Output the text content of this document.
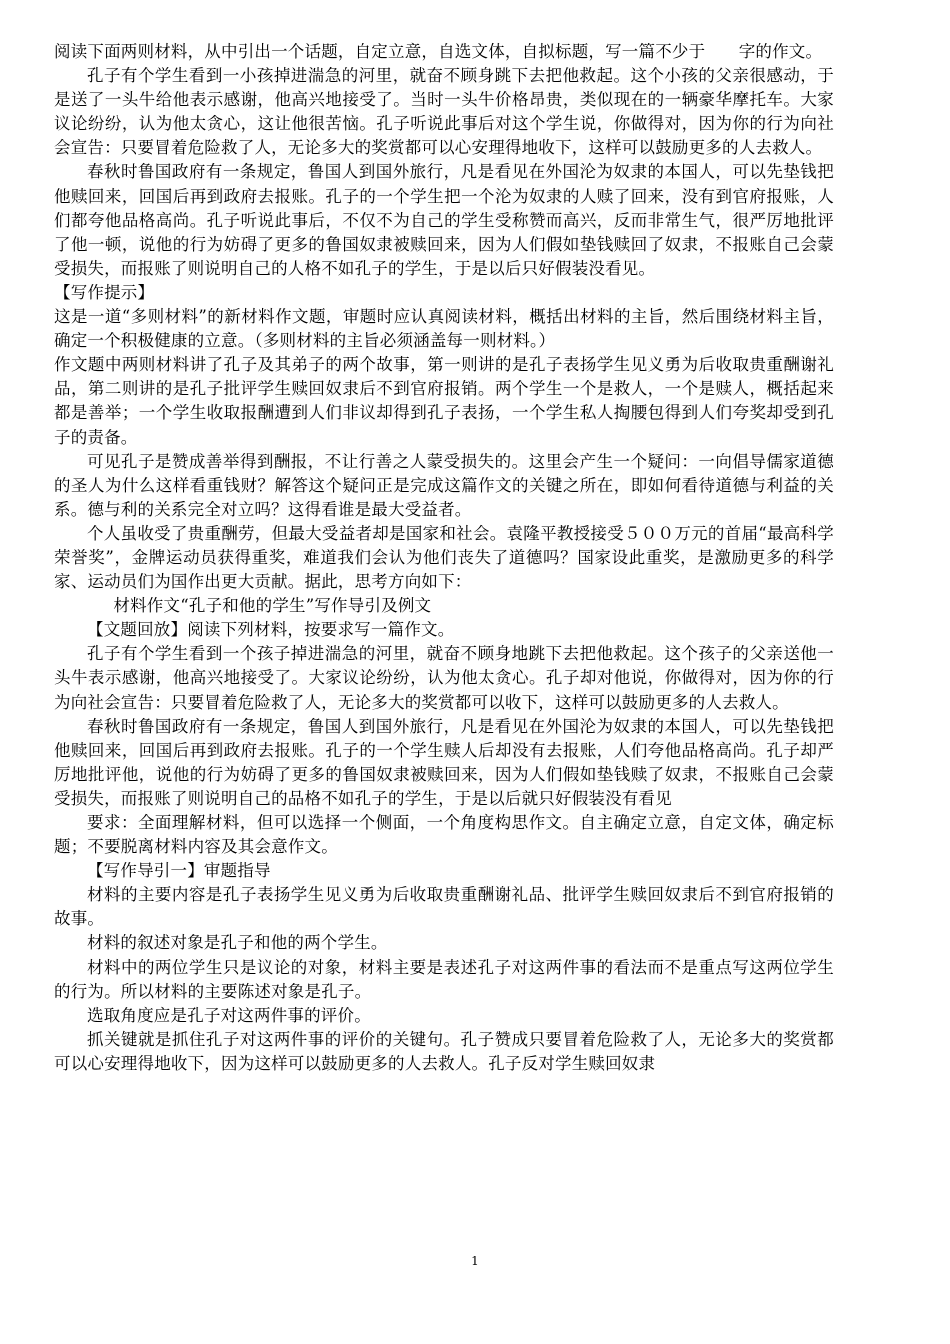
阅读下面两则材料，从中引出一个话题，自定立意，自选文体，自拟标题，写一篇不少于　　字的作文。

孔子有个学生看到一小孩掉进湍急的河里，就奋不顾身跳下去把他救起。这个小孩的父亲很感动，于是送了一头牛给他表示感谢，他高兴地接受了。当时一头牛价格昂贵，类似现在的一辆豪华摩托车。大家议论纷纷，认为他太贪心，这让他很苦恼。孔子听说此事后对这个学生说，你做得对，因为你的行为向社会宣告：只要冒着危险救了人，无论多大的奖赏都可以心安理得地收下，这样可以鼓励更多的人去救人。

春秋时鲁国政府有一条规定，鲁国人到国外旅行，凡是看见在外国沦为奴隶的本国人，可以先垫钱把他赎回来，回国后再到政府去报账。孔子的一个学生把一个沦为奴隶的人赎了回来，没有到官府报账，人们都夸他品格高尚。孔子听说此事后，不仅不为自己的学生受称赞而高兴，反而非常生气，很严厉地批评了他一顿，说他的行为妨碍了更多的鲁国奴隶被赎回来，因为人们假如垫钱赎回了奴隶，不报账自己会蒙受损失，而报账了则说明自己的人格不如孔子的学生，于是以后只好假装没看见。

【写作提示】

这是一道“多则材料”的新材料作文题，审题时应认真阅读材料，概括出材料的主旨，然后围绕材料主旨，确定一个积极健康的立意。（多则材料的主旨必须涵盖每一则材料。）

作文题中两则材料讲了孔子及其弟子的两个故事，第一则讲的是孔子表扬学生见义勇为后收取贵重酬谢礼品，第二则讲的是孔子批评学生赎回奴隶后不到官府报销。两个学生一个是救人，一个是赎人，概括起来都是善举；一个学生收取报酬遭到人们非议却得到孔子表扬，一个学生私人掏腰包得到人们夸奖却受到孔子的责备。

可见孔子是赞成善举得到酬报，不让行善之人蒙受损失的。这里会产生一个疑问：一向倡导儒家道德的圣人为什么这样看重钱财？解答这个疑问正是完成这篇作文的关键之所在，即如何看待道德与利益的关系。德与利的关系完全对立吗？这得看谁是最大受益者。

个人虽收受了贵重酬劳，但最大受益者却是国家和社会。袁隆平教授接受５００万元的首届“最高科学荣誉奖”，金牌运动员获得重奖，难道我们会认为他们丧失了道德吗？国家设此重奖，是激励更多的科学家、运动员们为国作出更大贡献。据此，思考方向如下：

材料作文“孔子和他的学生”写作导引及例文

【文题回放】阅读下列材料，按要求写一篇作文。

孔子有个学生看到一个孩子掉进湍急的河里，就奋不顾身地跳下去把他救起。这个孩子的父亲送他一头牛表示感谢，他高兴地接受了。大家议论纷纷，认为他太贪心。孔子却对他说，你做得对，因为你的行为向社会宣告：只要冒着危险救了人，无论多大的奖赏都可以收下，这样可以鼓励更多的人去救人。

春秋时鲁国政府有一条规定，鲁国人到国外旅行，凡是看见在外国沦为奴隶的本国人，可以先垫钱把他赎回来，回国后再到政府去报账。孔子的一个学生赎人后却没有去报账，人们夸他品格高尚。孔子却严厉地批评他，说他的行为妨碍了更多的鲁国奴隶被赎回来，因为人们假如垫钱赎了奴隶，不报账自己会蒙受损失，而报账了则说明自己的品格不如孔子的学生，于是以后就只好假装没有看见

要求：全面理解材料，但可以选择一个侧面，一个角度构思作文。自主确定立意，自定文体，确定标题；不要脱离材料内容及其会意作文。

【写作导引一】审题指导

材料的主要内容是孔子表扬学生见义勇为后收取贵重酬谢礼品、批评学生赎回奴隶后不到官府报销的故事。

材料的叙述对象是孔子和他的两个学生。

材料中的两位学生只是议论的对象，材料主要是表述孔子对这两件事的看法而不是重点写这两位学生的行为。所以材料的主要陈述对象是孔子。

选取角度应是孔子对这两件事的评价。

抓关键就是抓住孔子对这两件事的评价的关键句。孔子赞成只要冒着危险救了人，无论多大的奖赏都可以心安理得地收下，因为这样可以鼓励更多的人去救人。孔子反对学生赎回奴隶

1
